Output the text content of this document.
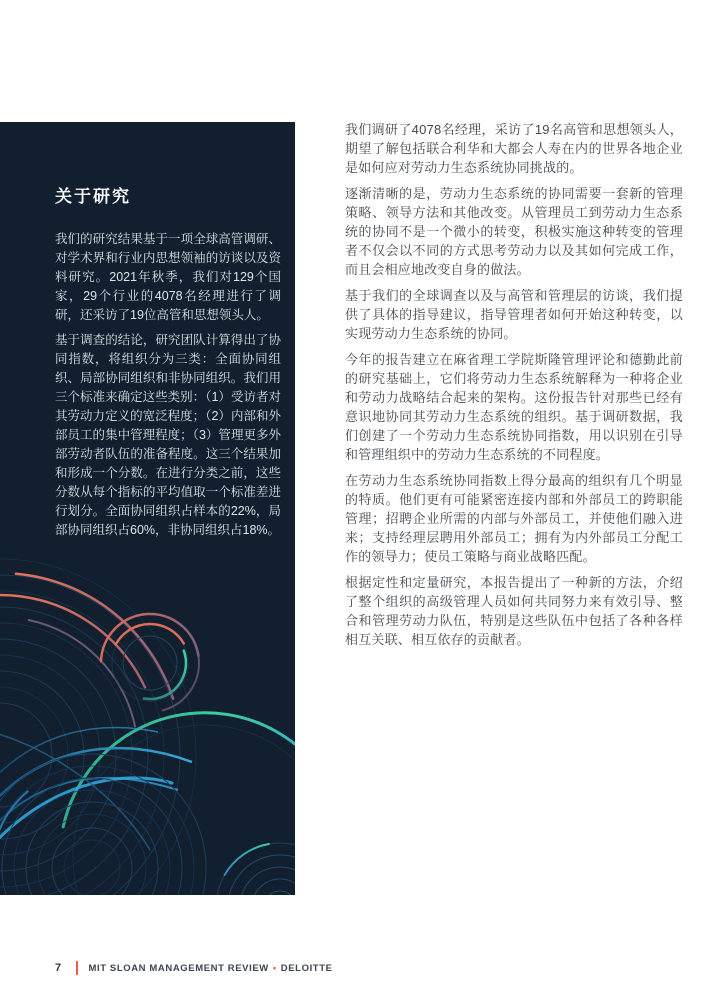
关于研究

我们的研究结果基于一项全球高管调研、对学术界和行业内思想领袖的访谈以及资料研究。2021年秋季，我们对129个国家，29个行业的4078名经理进行了调研，还采访了19位高管和思想领头人。

基于调查的结论，研究团队计算得出了协同指数，将组织分为三类：全面协同组织、局部协同组织和非协同组织。我们用三个标准来确定这些类别：（1）受访者对其劳动力定义的宽泛程度；（2）内部和外部员工的集中管理程度；（3）管理更多外部劳动者队伍的准备程度。这三个结果加和形成一个分数。在进行分类之前，这些分数从每个指标的平均值取一个标准差进行划分。全面协同组织占样本的22%，局部协同组织占60%，非协同组织占18%。

我们调研了4078名经理，采访了19名高管和思想领头人，期望了解包括联合利华和大都会人寿在内的世界各地企业是如何应对劳动力生态系统协同挑战的。

逐渐清晰的是，劳动力生态系统的协同需要一套新的管理策略、领导方法和其他改变。从管理员工到劳动力生态系统的协同不是一个微小的转变，积极实施这种转变的管理者不仅会以不同的方式思考劳动力以及其如何完成工作，而且会相应地改变自身的做法。

基于我们的全球调查以及与高管和管理层的访谈，我们提供了具体的指导建议，指导管理者如何开始这种转变，以实现劳动力生态系统的协同。

今年的报告建立在麻省理工学院斯隆管理评论和德勤此前的研究基础上，它们将劳动力生态系统解释为一种将企业和劳动力战略结合起来的架构。这份报告针对那些已经有意识地协同其劳动力生态系统的组织。基于调研数据，我们创建了一个劳动力生态系统协同指数，用以识别在引导和管理组织中的劳动力生态系统的不同程度。

在劳动力生态系统协同指数上得分最高的组织有几个明显的特质。他们更有可能紧密连接内部和外部员工的跨职能管理；招聘企业所需的内部与外部员工，并使他们融入进来；支持经理层聘用外部员工；拥有为内外部员工分配工作的领导力；使员工策略与商业战略匹配。

根据定性和定量研究，本报告提出了一种新的方法，介绍了整个组织的高级管理人员如何共同努力来有效引导、整合和管理劳动力队伍，特别是这些队伍中包括了各种各样相互关联、相互依存的贡献者。

7	MIT SLOAN MANAGEMENT REVIEW • DELOITTE
